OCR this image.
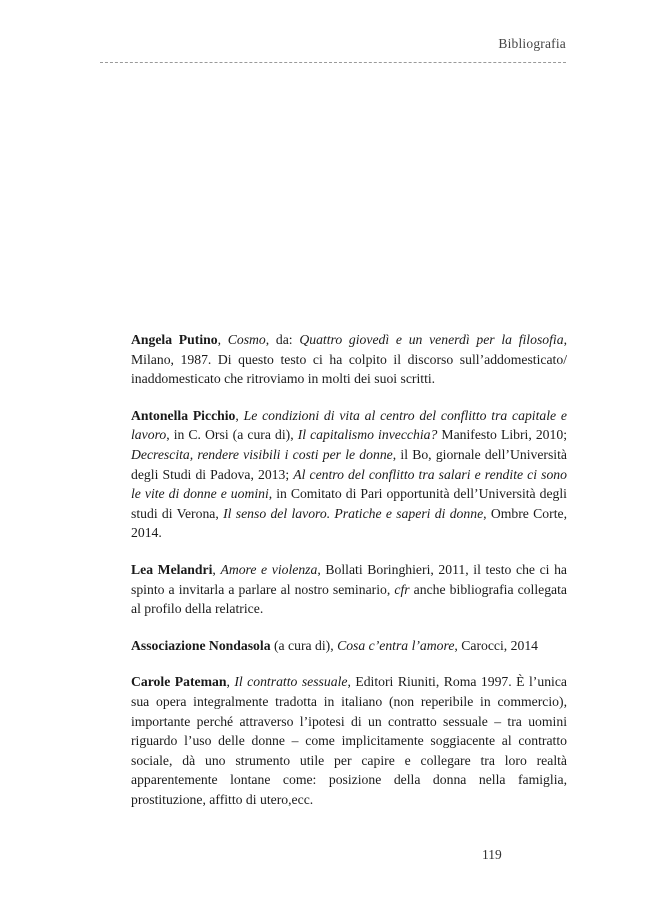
Bibliografia

Angela Putino, Cosmo, da: Quattro giovedì e un venerdì per la filosofia, Milano, 1987. Di questo testo ci ha colpito il discorso sull’addomesticato/ inaddomesticato che ritroviamo in molti dei suoi scritti.

Antonella Picchio, Le condizioni di vita al centro del conflitto tra capitale e lavoro, in C. Orsi (a cura di), Il capitalismo invecchia? Manifesto Libri, 2010; Decrescita, rendere visibili i costi per le donne, il Bo, giornale dell’Università degli Studi di Padova, 2013; Al centro del conflitto tra salari e rendite ci sono le vite di donne e uomini, in Comitato di Pari opportunità dell’Università degli studi di Verona, Il senso del lavoro. Pratiche e saperi di donne, Ombre Corte, 2014.

Lea Melandri, Amore e violenza, Bollati Boringhieri, 2011, il testo che ci ha spinto a invitarla a parlare al nostro seminario, cfr anche bibliografia collegata al profilo della relatrice.

Associazione Nondasola (a cura di), Cosa c’entra l’amore, Carocci, 2014

Carole Pateman, Il contratto sessuale, Editori Riuniti, Roma 1997. È l’unica sua opera integralmente tradotta in italiano (non reperibile in commercio), importante perché attraverso l’ipotesi di un contratto sessuale – tra uomini riguardo l’uso delle donne – come implicitamente soggiacente al contratto sociale, dà uno strumento utile per capire e collegare tra loro realtà apparentemente lontane come: posizione della donna nella famiglia, prostituzione, affitto di utero,ecc.

119
